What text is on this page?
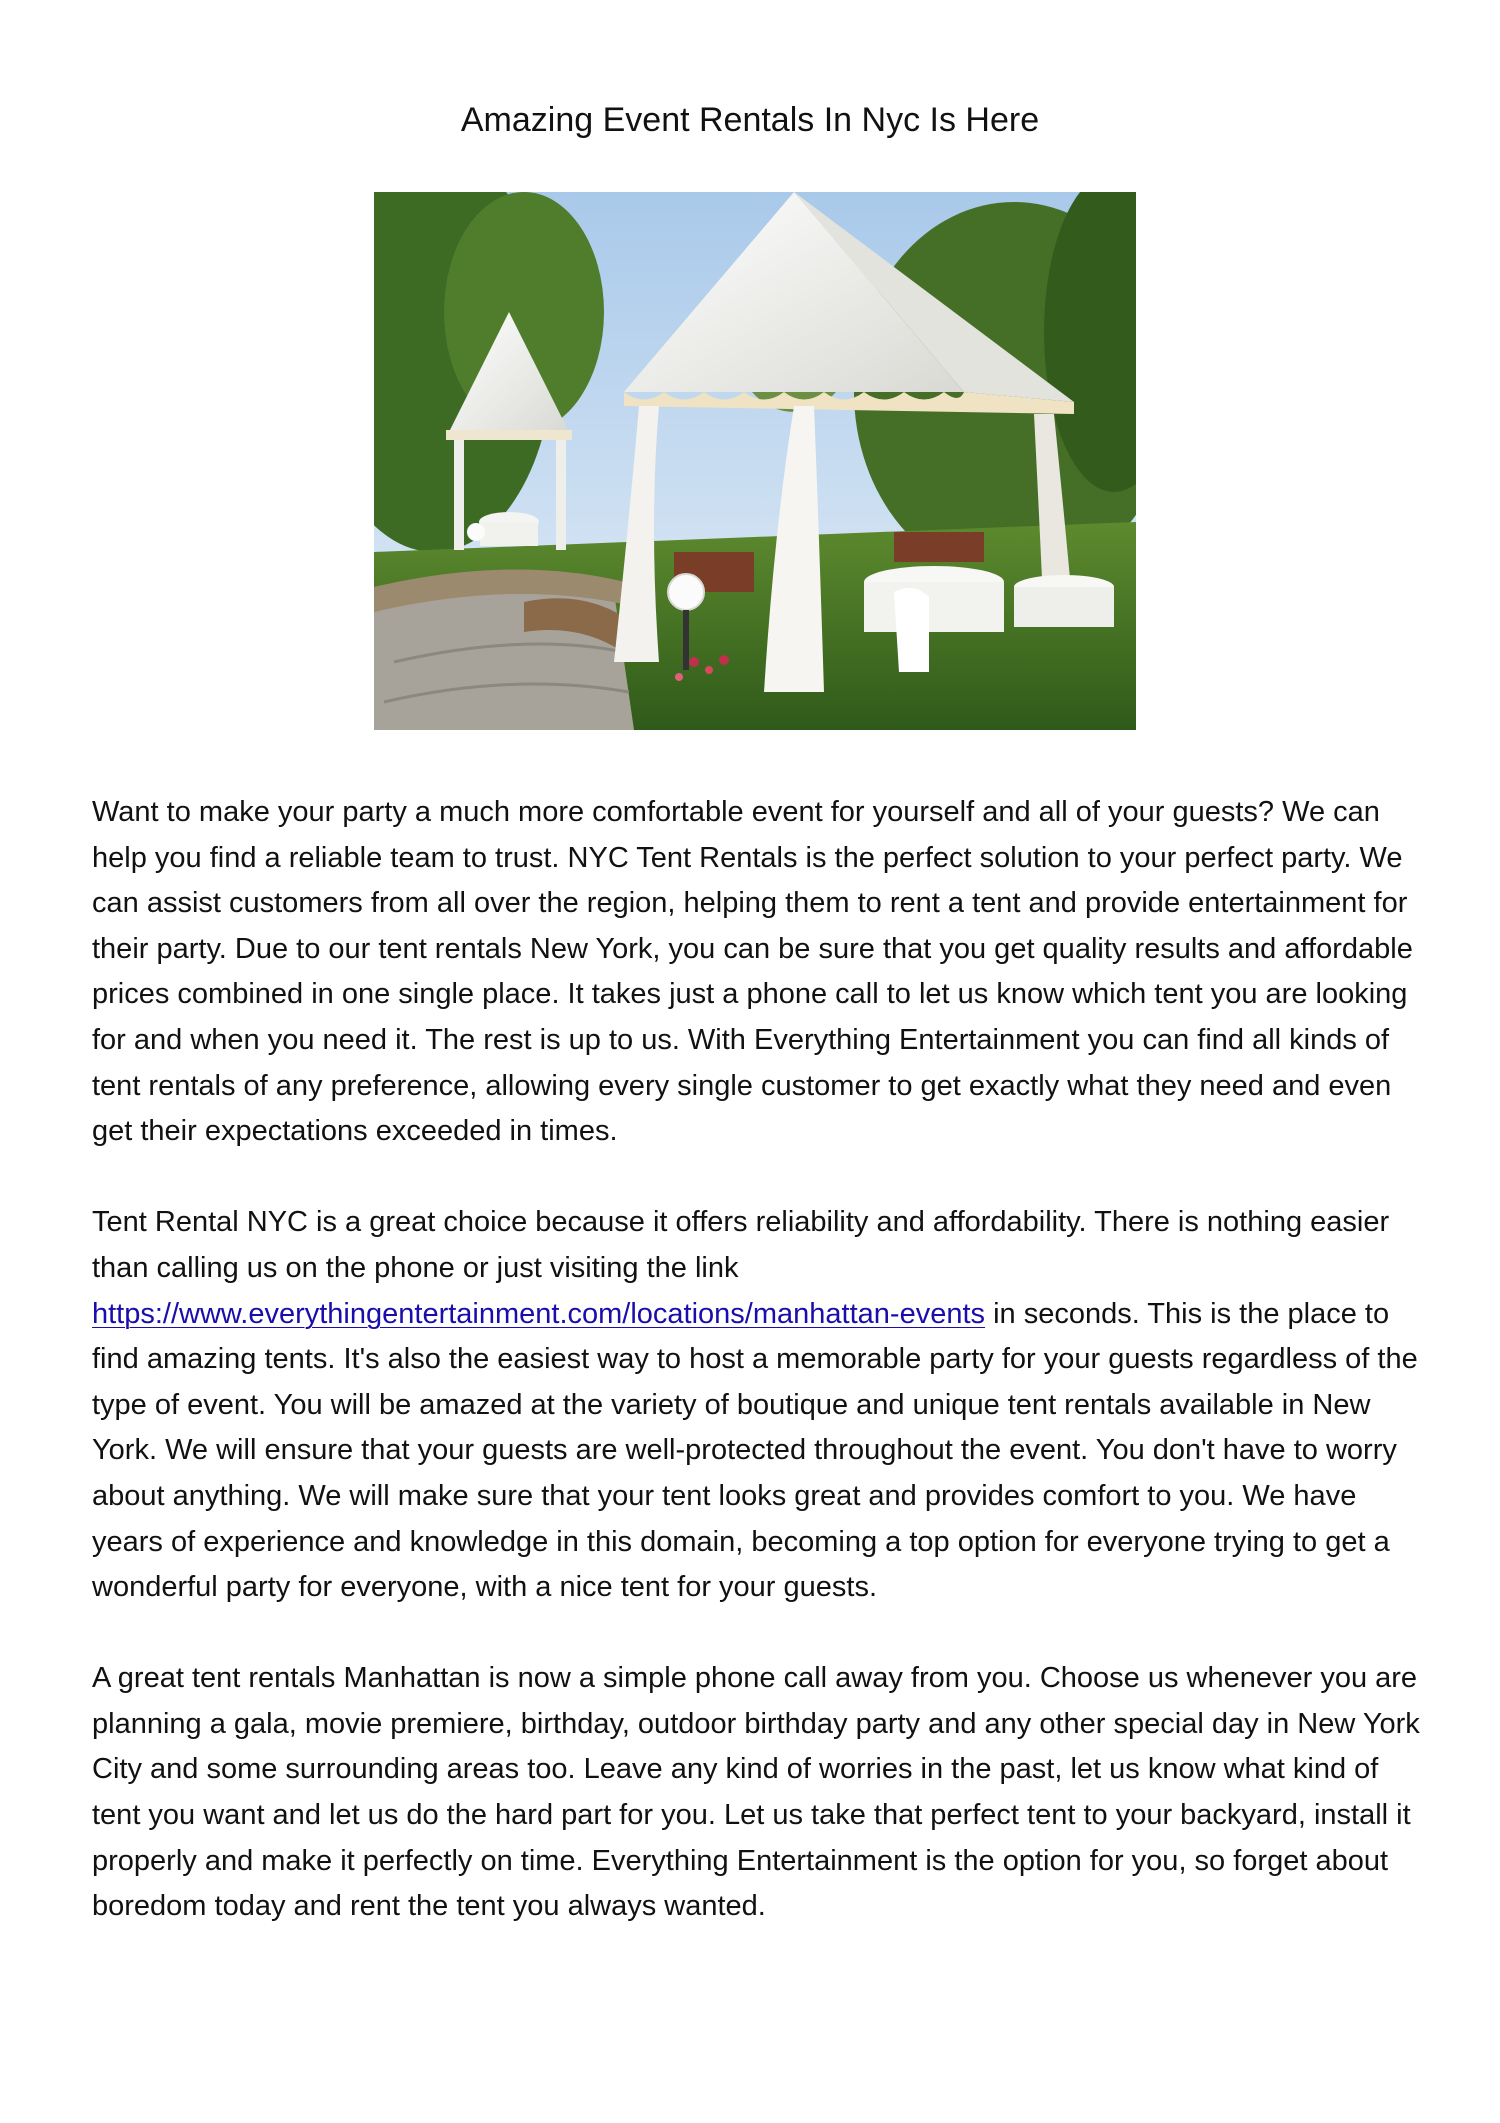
Amazing Event Rentals In Nyc Is Here

Want to make your party a much more comfortable event for yourself and all of your guests? We can help you find a reliable team to trust. NYC Tent Rentals is the perfect solution to your perfect party. We can assist customers from all over the region, helping them to rent a tent and provide entertainment for their party. Due to our tent rentals New York, you can be sure that you get quality results and affordable prices combined in one single place. It takes just a phone call to let us know which tent you are looking for and when you need it. The rest is up to us. With Everything Entertainment you can find all kinds of tent rentals of any preference, allowing every single customer to get exactly what they need and even get their expectations exceeded in times.

Tent Rental NYC is a great choice because it offers reliability and affordability. There is nothing easier than calling us on the phone or just visiting the link https://www.everythingentertainment.com/locations/manhattan-events in seconds. This is the place to find amazing tents. It's also the easiest way to host a memorable party for your guests regardless of the type of event. You will be amazed at the variety of boutique and unique tent rentals available in New York. We will ensure that your guests are well-protected throughout the event. You don't have to worry about anything. We will make sure that your tent looks great and provides comfort to you. We have years of experience and knowledge in this domain, becoming a top option for everyone trying to get a wonderful party for everyone, with a nice tent for your guests.

A great tent rentals Manhattan is now a simple phone call away from you. Choose us whenever you are planning a gala, movie premiere, birthday, outdoor birthday party and any other special day in New York City and some surrounding areas too. Leave any kind of worries in the past, let us know what kind of tent you want and let us do the hard part for you. Let us take that perfect tent to your backyard, install it properly and make it perfectly on time. Everything Entertainment is the option for you, so forget about boredom today and rent the tent you always wanted.
